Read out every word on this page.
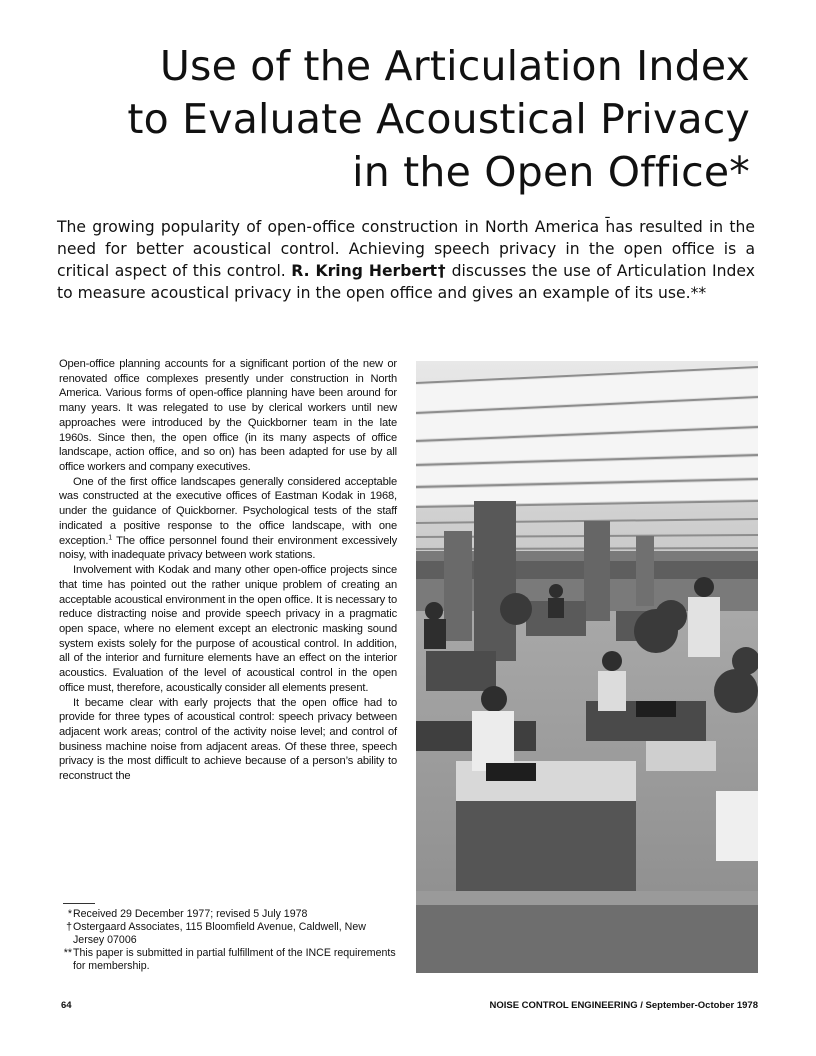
Use of the Articulation Index
to Evaluate Acoustical Privacy
in the Open Office*

The growing popularity of open-office construction in North America h̄as resulted in the need for better acoustical control. Achieving speech privacy in the open office is a critical aspect of this control. R. Kring Herbert† discusses the use of Articulation Index to measure acoustical privacy in the open office and gives an example of its use.**

Open-office planning accounts for a significant portion of the new or renovated office complexes presently under construction in North America. Various forms of open-office planning have been around for many years. It was relegated to use by clerical workers until new approaches were introduced by the Quickborner team in the late 1960s. Since then, the open office (in its many aspects of office landscape, action office, and so on) has been adapted for use by all office workers and company executives.

One of the first office landscapes generally considered acceptable was constructed at the executive offices of Eastman Kodak in 1968, under the guidance of Quickborner. Psychological tests of the staff indicated a positive response to the office landscape, with one exception.$^1$ The office personnel found their environment excessively noisy, with inadequate privacy between work stations.

Involvement with Kodak and many other open-office projects since that time has pointed out the rather unique problem of creating an acceptable acoustical environment in the open office. It is necessary to reduce distracting noise and provide speech privacy in a pragmatic open space, where no element except an electronic masking sound system exists solely for the purpose of acoustical control. In addition, all of the interior and furniture elements have an effect on the interior acoustics. Evaluation of the level of acoustical control in the open office must, therefore, acoustically consider all elements present.

It became clear with early projects that the open office had to provide for three types of acoustical control: speech privacy between adjacent work areas; control of the activity noise level; and control of business machine noise from adjacent areas. Of these three, speech privacy is the most difficult to achieve because of a person’s ability to reconstruct the

*Received 29 December 1977; revised 5 July 1978

†Ostergaard Associates, 115 Bloomfield Avenue, Caldwell, New Jersey 07006

**This paper is submitted in partial fulfillment of the INCE requirements for membership.

64	NOISE CONTROL ENGINEERING / September-October 1978
